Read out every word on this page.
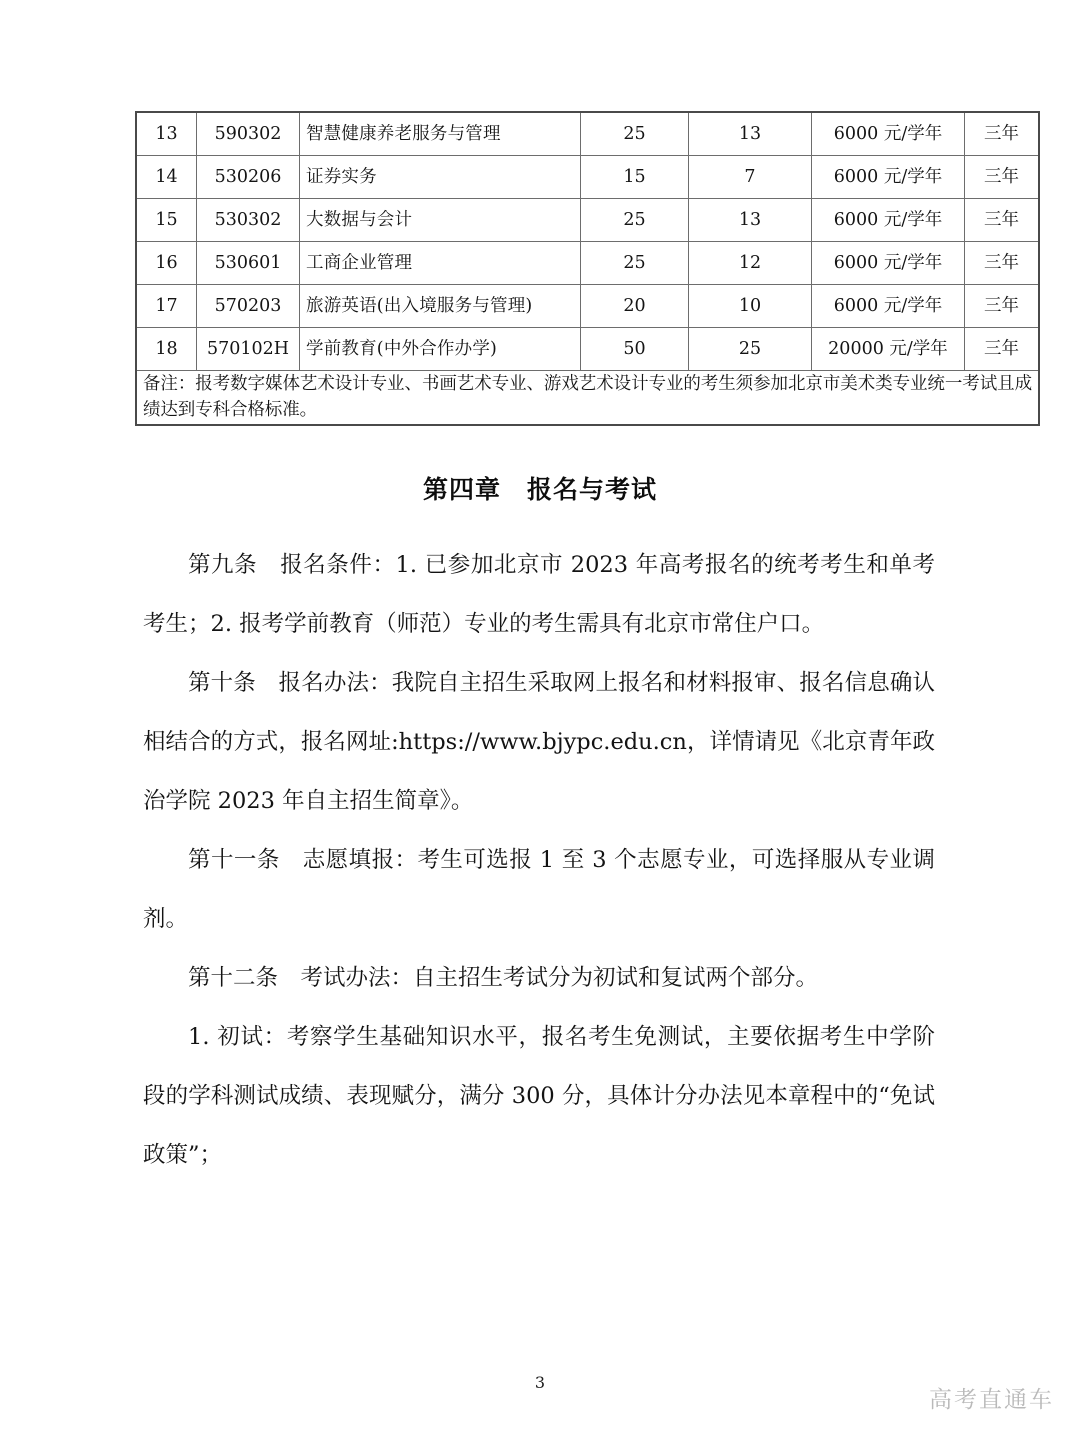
13	590302	智慧健康养老服务与管理	25	13	6000 元/学年	三年
14	530206	证券实务	15	7	6000 元/学年	三年
15	530302	大数据与会计	25	13	6000 元/学年	三年
16	530601	工商企业管理	25	12	6000 元/学年	三年
17	570203	旅游英语(出入境服务与管理)	20	10	6000 元/学年	三年
18	570102H	学前教育(中外合作办学)	50	25	20000 元/学年	三年
备注：报考数字媒体艺术设计专业、书画艺术专业、游戏艺术设计专业的考生须参加北京市美术类专业统一考试且成绩达到专科合格标准。						
第四章　报名与考试

第九条　报名条件：1. 已参加北京市 2023 年高考报名的统考考生和单考考生；2. 报考学前教育（师范）专业的考生需具有北京市常住户口。

第十条　报名办法：我院自主招生采取网上报名和材料报审、报名信息确认相结合的方式，报名网址:https://www.bjypc.edu.cn，详情请见《北京青年政治学院 2023 年自主招生简章》。

第十一条　志愿填报：考生可选报 1 至 3 个志愿专业，可选择服从专业调剂。

第十二条　考试办法：自主招生考试分为初试和复试两个部分。

1. 初试：考察学生基础知识水平，报名考生免测试，主要依据考生中学阶段的学科测试成绩、表现赋分，满分 300 分，具体计分办法见本章程中的“免试政策”；

3
高考直通车
